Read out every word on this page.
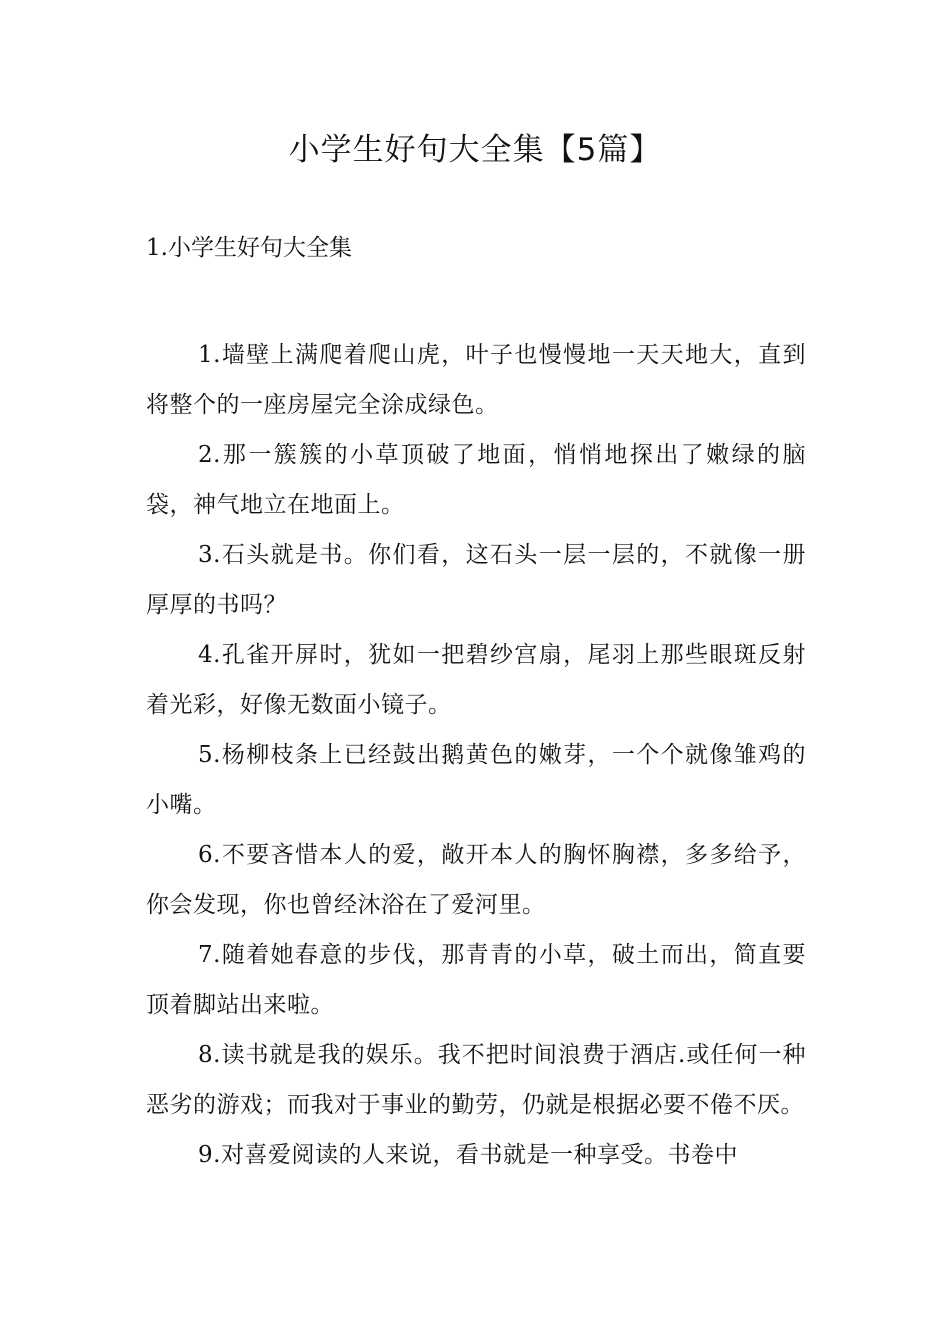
小学生好句大全集【5篇】
1.小学生好句大全集

1.墙壁上满爬着爬山虎，叶子也慢慢地一天天地大，直到将整个的一座房屋完全涂成绿色。

2.那一簇簇的小草顶破了地面，悄悄地探出了嫩绿的脑袋，神气地立在地面上。

3.石头就是书。你们看，这石头一层一层的，不就像一册厚厚的书吗？

4.孔雀开屏时，犹如一把碧纱宫扇，尾羽上那些眼斑反射着光彩，好像无数面小镜子。

5.杨柳枝条上已经鼓出鹅黄色的嫩芽，一个个就像雏鸡的小嘴。

6.不要吝惜本人的爱，敞开本人的胸怀胸襟，多多给予，你会发现，你也曾经沐浴在了爱河里。

7.随着她春意的步伐，那青青的小草，破土而出，简直要顶着脚站出来啦。

8.读书就是我的娱乐。我不把时间浪费于酒店.或任何一种恶劣的游戏；而我对于事业的勤劳，仍就是根据必要不倦不厌。

9.对喜爱阅读的人来说，看书就是一种享受。书卷中
